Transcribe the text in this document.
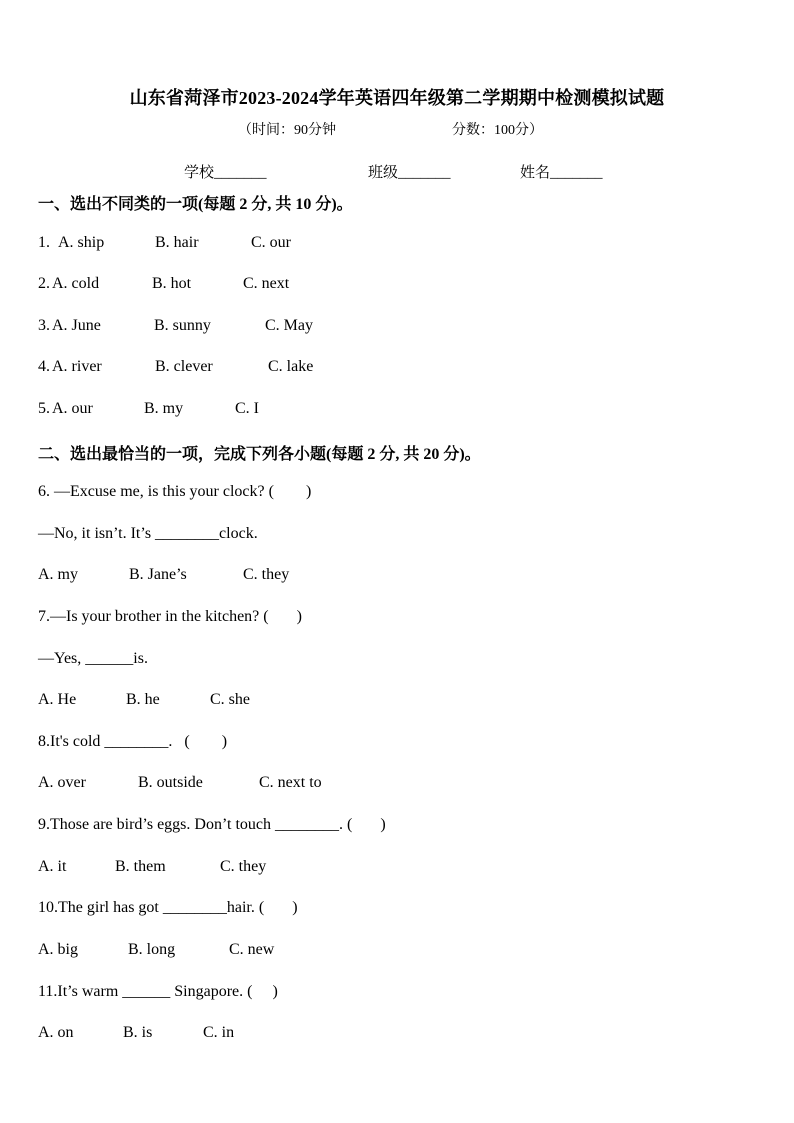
山东省菏泽市2023-2024学年英语四年级第二学期期中检测模拟试题
（时间：90分钟	分数：100分）
学校_______	班级_______	姓名_______
一、选出不同类的一项(每题 2 分, 共 10 分)。
1. A. ship	B. hair	C. our
2. A. cold	B. hot	C. next
3. A. June	B. sunny	C. May
4. A. river	B. clever	C. lake
5. A. our	B. my	C. I
二、选出最恰当的一项，完成下列各小题(每题 2 分, 共 20 分)。
6. —Excuse me, is this your clock? (        )
—No, it isn’t. It’s ________clock.
A. my	B. Jane’s	C. they
7.—Is your brother in the kitchen? (       )
—Yes, ______is.
A. He	B. he	C. she
8.It's cold ________.   (        )
A. over	B. outside	C. next to
9.Those are bird’s eggs. Don’t touch ________. (       )
A. it	B. them	C. they
10.The girl has got ________hair. (       )
A. big	B. long	C. new
11.It’s warm ______ Singapore. (     )
A. on	B. is	C. in
